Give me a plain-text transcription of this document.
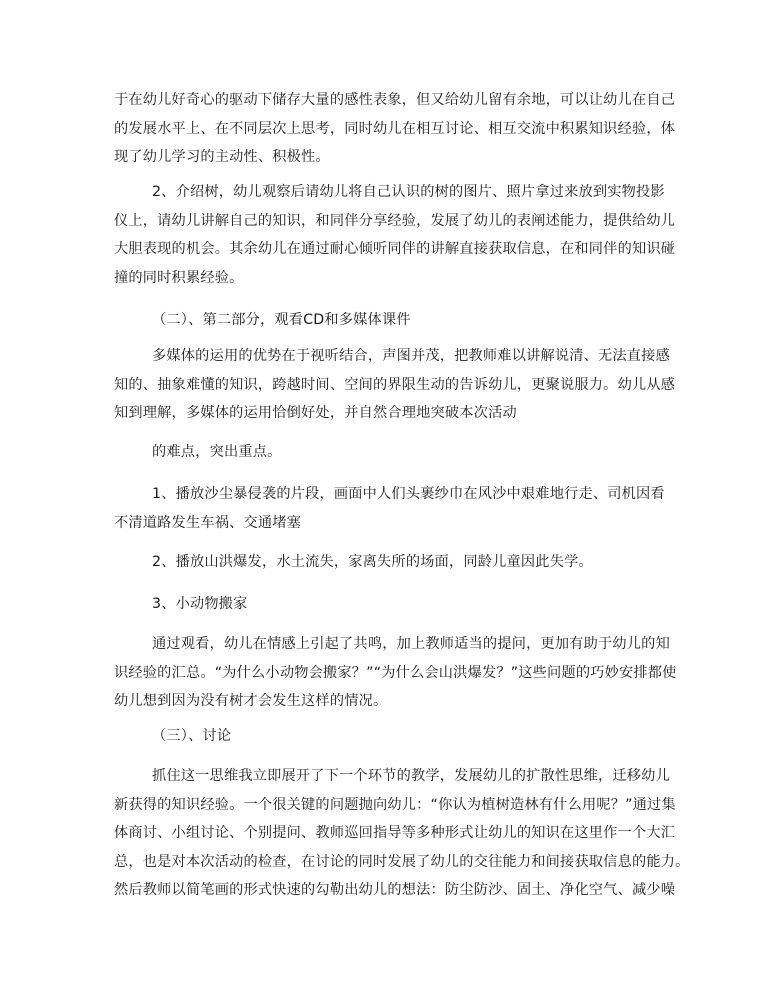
于在幼儿好奇心的驱动下储存大量的感性表象，但又给幼儿留有余地，可以让幼儿在自己
的发展水平上、在不同层次上思考，同时幼儿在相互讨论、相互交流中积累知识经验，体
现了幼儿学习的主动性、积极性。

2、介绍树，幼儿观察后请幼儿将自己认识的树的图片、照片拿过来放到实物投影
仪上，请幼儿讲解自己的知识，和同伴分享经验，发展了幼儿的表阐述能力，提供给幼儿
大胆表现的机会。其余幼儿在通过耐心倾听同伴的讲解直接获取信息，在和同伴的知识碰
撞的同时积累经验。

（二）、第二部分，观看CD和多媒体课件

多媒体的运用的优势在于视听结合，声图并茂，把教师难以讲解说清、无法直接感
知的、抽象难懂的知识，跨越时间、空间的界限生动的告诉幼儿，更聚说服力。幼儿从感
知到理解，多媒体的运用恰倒好处，并自然合理地突破本次活动

的难点，突出重点。

1、播放沙尘暴侵袭的片段，画面中人们头裹纱巾在风沙中艰难地行走、司机因看
不清道路发生车祸、交通堵塞

2、播放山洪爆发，水土流失，家离失所的场面，同龄儿童因此失学。

3、小动物搬家

通过观看，幼儿在情感上引起了共鸣，加上教师适当的提问，更加有助于幼儿的知
识经验的汇总。“为什么小动物会搬家？”“为什么会山洪爆发？”这些问题的巧妙安排都使
幼儿想到因为没有树才会发生这样的情况。

（三）、讨论

抓住这一思维我立即展开了下一个环节的教学，发展幼儿的扩散性思维，迁移幼儿
新获得的知识经验。一个很关键的问题抛向幼儿：“你认为植树造林有什么用呢？”通过集
体商讨、小组讨论、个别提问、教师巡回指导等多种形式让幼儿的知识在这里作一个大汇
总，也是对本次活动的检查，在讨论的同时发展了幼儿的交往能力和间接获取信息的能力。
然后教师以简笔画的形式快速的勾勒出幼儿的想法：防尘防沙、固土、净化空气、减少噪
